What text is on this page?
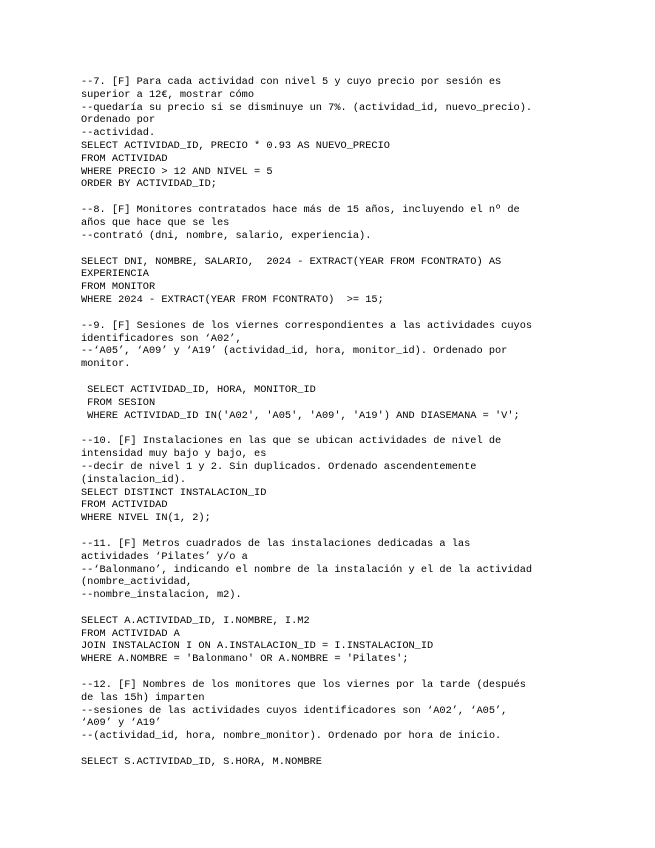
--7. [F] Para cada actividad con nivel 5 y cuyo precio por sesión es
superior a 12€, mostrar cómo
--quedaría su precio si se disminuye un 7%. (actividad_id, nuevo_precio).
Ordenado por
--actividad.
SELECT ACTIVIDAD_ID, PRECIO * 0.93 AS NUEVO_PRECIO
FROM ACTIVIDAD
WHERE PRECIO > 12 AND NIVEL = 5
ORDER BY ACTIVIDAD_ID;
--8. [F] Monitores contratados hace más de 15 años, incluyendo el nº de
años que hace que se les
--contrató (dni, nombre, salario, experiencia).
SELECT DNI, NOMBRE, SALARIO,  2024 - EXTRACT(YEAR FROM FCONTRATO) AS
EXPERIENCIA
FROM MONITOR
WHERE 2024 - EXTRACT(YEAR FROM FCONTRATO)  >= 15;
--9. [F] Sesiones de los viernes correspondientes a las actividades cuyos
identificadores son ‘A02’,
--‘A05’, ‘A09’ y ‘A19’ (actividad_id, hora, monitor_id). Ordenado por
monitor.
SELECT ACTIVIDAD_ID, HORA, MONITOR_ID
FROM SESION
WHERE ACTIVIDAD_ID IN('A02', 'A05', 'A09', 'A19') AND DIASEMANA = 'V';
--10. [F] Instalaciones en las que se ubican actividades de nivel de
intensidad muy bajo y bajo, es
--decir de nivel 1 y 2. Sin duplicados. Ordenado ascendentemente
(instalacion_id).
SELECT DISTINCT INSTALACION_ID
FROM ACTIVIDAD
WHERE NIVEL IN(1, 2);
--11. [F] Metros cuadrados de las instalaciones dedicadas a las
actividades ‘Pilates’ y/o a
--‘Balonmano’, indicando el nombre de la instalación y el de la actividad
(nombre_actividad,
--nombre_instalacion, m2).
SELECT A.ACTIVIDAD_ID, I.NOMBRE, I.M2
FROM ACTIVIDAD A
JOIN INSTALACION I ON A.INSTALACION_ID = I.INSTALACION_ID
WHERE A.NOMBRE = 'Balonmano' OR A.NOMBRE = 'Pilates';
--12. [F] Nombres de los monitores que los viernes por la tarde (después
de las 15h) imparten
--sesiones de las actividades cuyos identificadores son ‘A02’, ‘A05’,
‘A09’ y ‘A19’
--(actividad_id, hora, nombre_monitor). Ordenado por hora de inicio.
SELECT S.ACTIVIDAD_ID, S.HORA, M.NOMBRE
